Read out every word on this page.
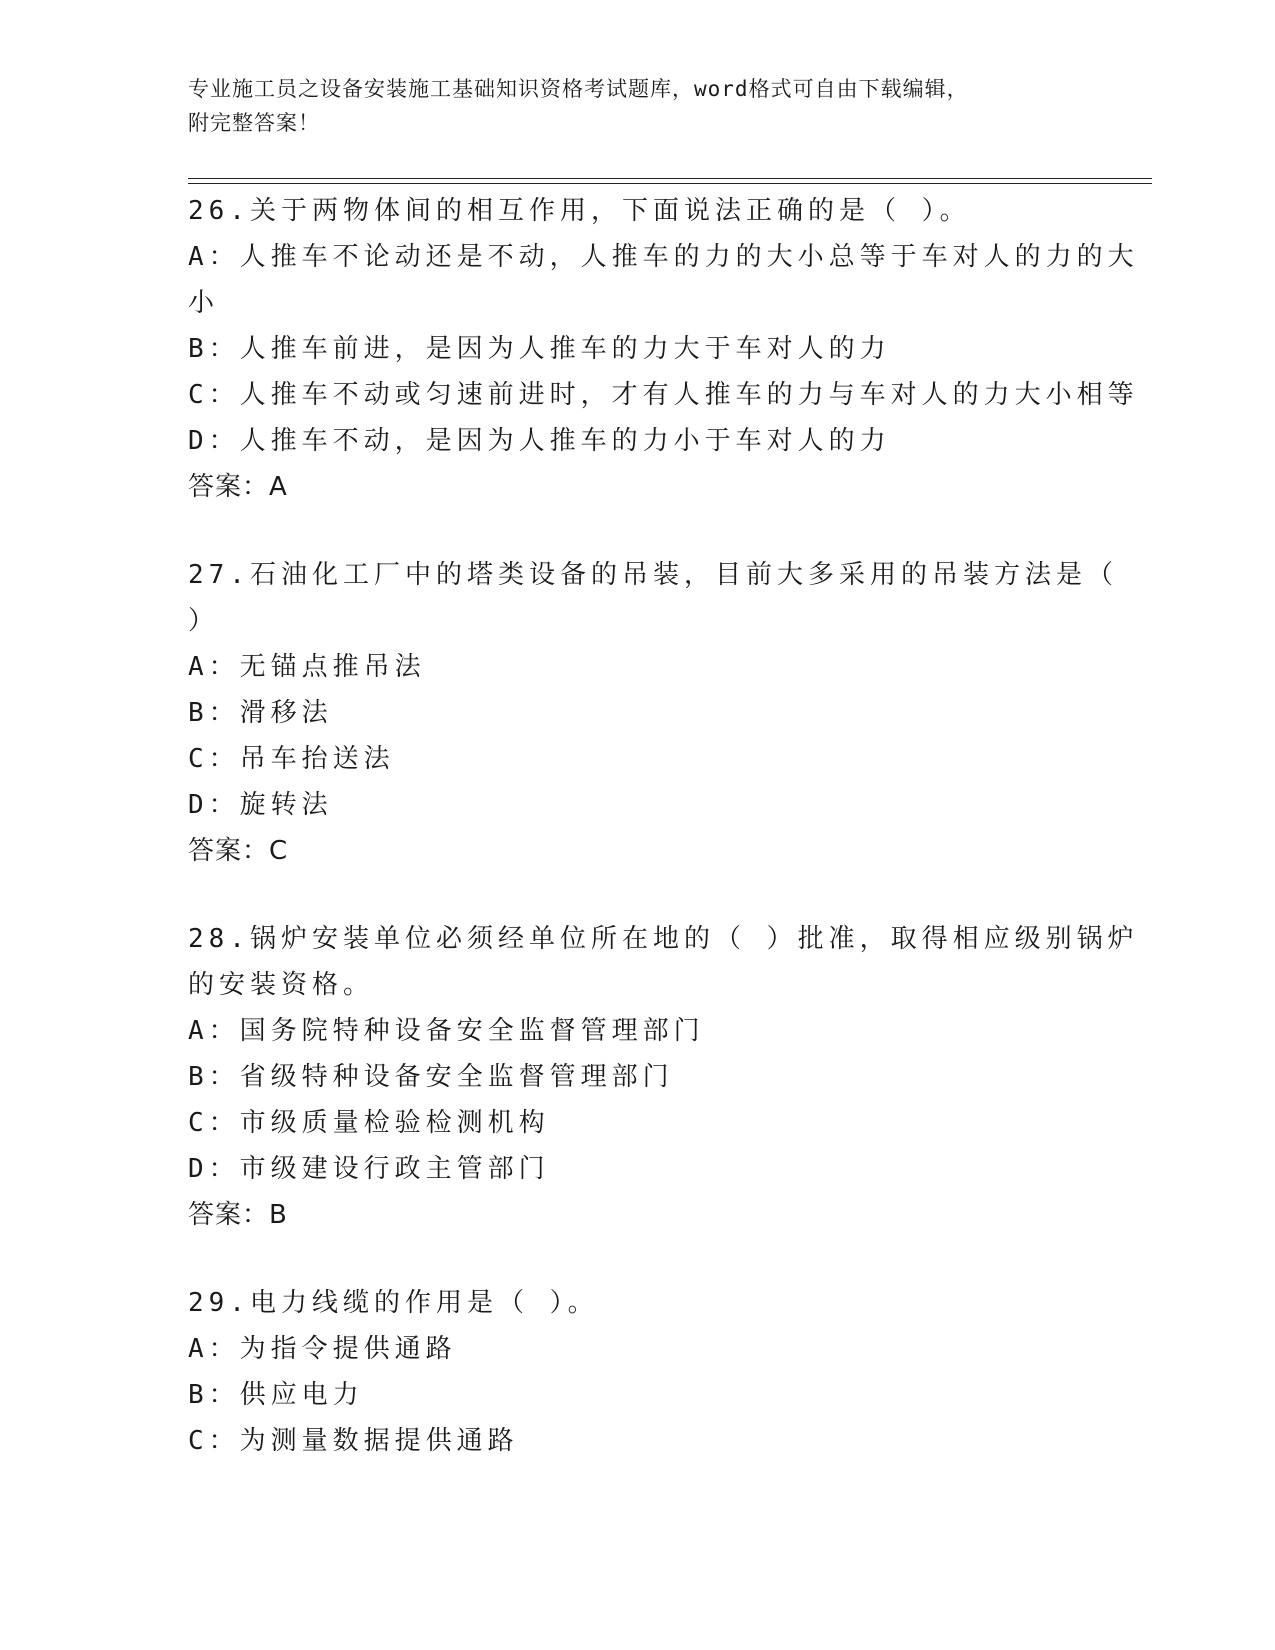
专业施工员之设备安装施工基础知识资格考试题库，word格式可自由下载编辑，
附完整答案！
26.关于两物体间的相互作用，下面说法正确的是（ ）。
A：人推车不论动还是不动，人推车的力的大小总等于车对人的力的大
小
B：人推车前进，是因为人推车的力大于车对人的力
C：人推车不动或匀速前进时，才有人推车的力与车对人的力大小相等
D：人推车不动，是因为人推车的力小于车对人的力
答案：A
27.石油化工厂中的塔类设备的吊装，目前大多采用的吊装方法是（
）
A：无锚点推吊法
B：滑移法
C：吊车抬送法
D：旋转法
答案：C
28.锅炉安装单位必须经单位所在地的（ ）批准，取得相应级别锅炉
的安装资格。
A：国务院特种设备安全监督管理部门
B：省级特种设备安全监督管理部门
C：市级质量检验检测机构
D：市级建设行政主管部门
答案：B
29.电力线缆的作用是（ ）。
A：为指令提供通路
B：供应电力
C：为测量数据提供通路
